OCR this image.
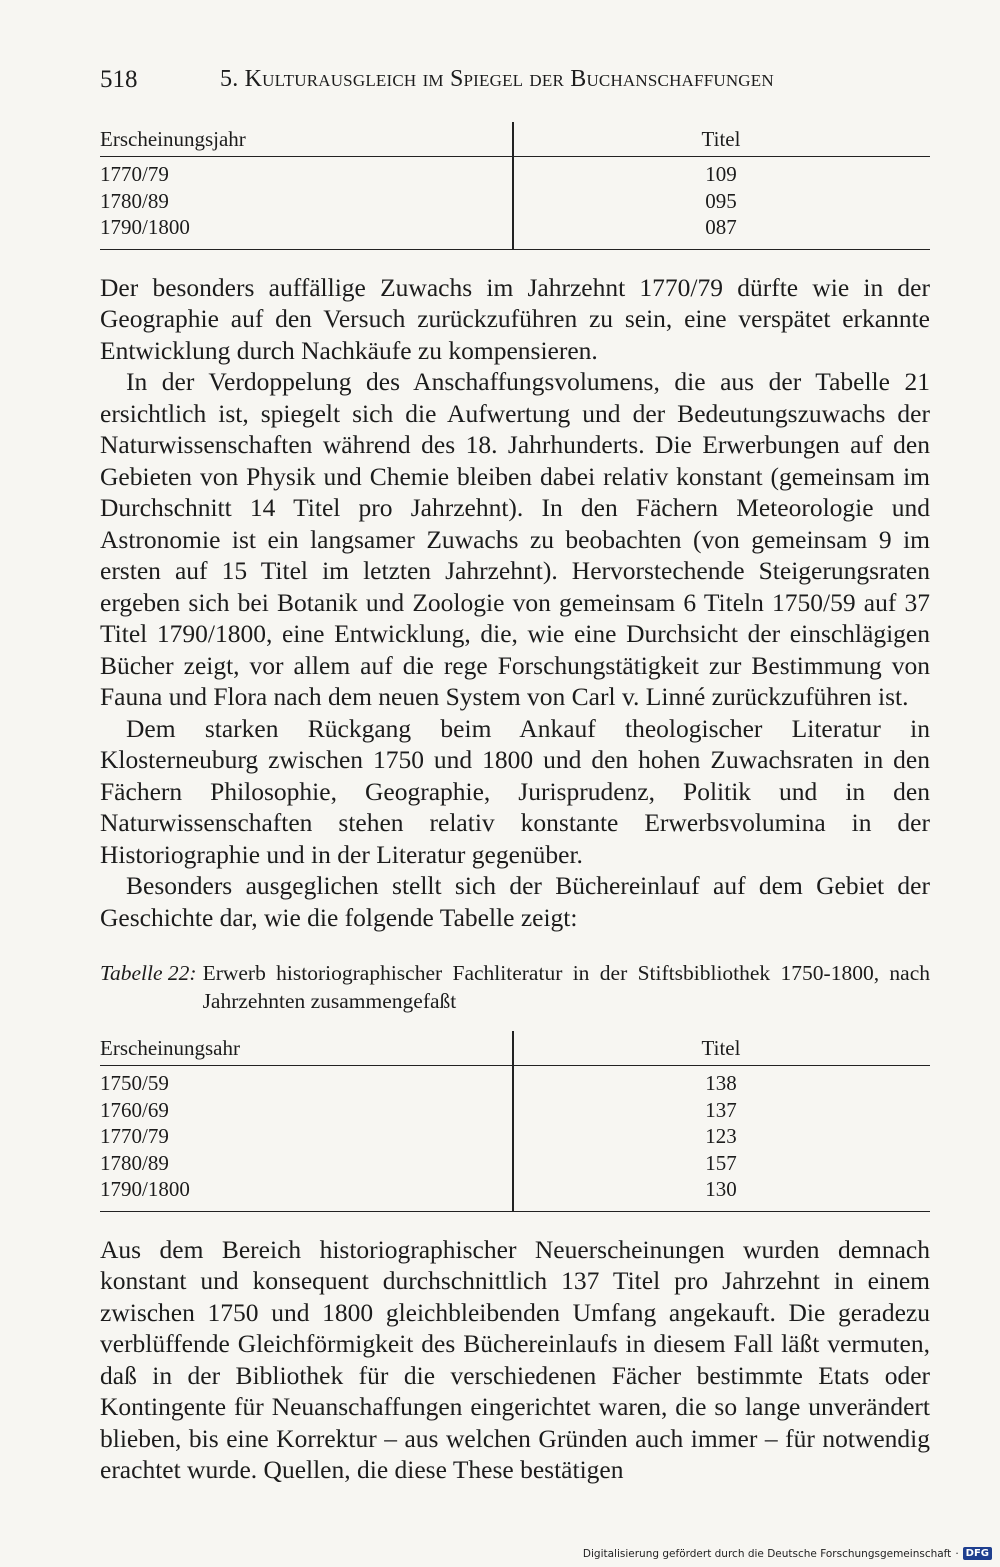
518	5. Kulturausgleich im Spiegel der Buchanschaffungen
Erscheinungsjahr	Titel
1770/79	109
1780/89	095
1790/1800	087

Der besonders auffällige Zuwachs im Jahrzehnt 1770/79 dürfte wie in der Geographie auf den Versuch zurückzuführen zu sein, eine verspätet erkannte Entwicklung durch Nachkäufe zu kompensieren.

In der Verdoppelung des Anschaffungsvolumens, die aus der Tabelle 21 ersichtlich ist, spiegelt sich die Aufwertung und der Bedeutungszuwachs der Naturwissenschaften während des 18. Jahrhunderts. Die Erwerbungen auf den Gebieten von Physik und Chemie bleiben dabei relativ konstant (gemeinsam im Durchschnitt 14 Titel pro Jahrzehnt). In den Fächern Meteorologie und Astronomie ist ein langsamer Zuwachs zu beobachten (von gemeinsam 9 im ersten auf 15 Titel im letzten Jahrzehnt). Hervorstechende Steigerungsraten ergeben sich bei Botanik und Zoologie von gemeinsam 6 Titeln 1750/59 auf 37 Titel 1790/1800, eine Entwicklung, die, wie eine Durchsicht der einschlägigen Bücher zeigt, vor allem auf die rege Forschungstätigkeit zur Bestimmung von Fauna und Flora nach dem neuen System von Carl v. Linné zurückzuführen ist.

Dem starken Rückgang beim Ankauf theologischer Literatur in Klosterneuburg zwischen 1750 und 1800 und den hohen Zuwachsraten in den Fächern Philosophie, Geographie, Jurisprudenz, Politik und in den Naturwissenschaften stehen relativ konstante Erwerbsvolumina in der Historiographie und in der Literatur gegenüber.

Besonders ausgeglichen stellt sich der Büchereinlauf auf dem Gebiet der Geschichte dar, wie die folgende Tabelle zeigt:

Tabelle 22: Erwerb historiographischer Fachliteratur in der Stiftsbibliothek 1750-1800, nach Jahrzehnten zusammengefaßt
Erscheinungsahr	Titel
1750/59	138
1760/69	137
1770/79	123
1780/89	157
1790/1800	130

Aus dem Bereich historiographischer Neuerscheinungen wurden demnach konstant und konsequent durchschnittlich 137 Titel pro Jahrzehnt in einem zwischen 1750 und 1800 gleichbleibenden Umfang angekauft. Die geradezu verblüffende Gleichförmigkeit des Büchereinlaufs in diesem Fall läßt vermuten, daß in der Bibliothek für die verschiedenen Fächer bestimmte Etats oder Kontingente für Neuanschaffungen eingerichtet waren, die so lange unverändert blieben, bis eine Korrektur – aus welchen Gründen auch immer – für notwendig erachtet wurde. Quellen, die diese These bestätigen

Digitalisierung gefördert durch die Deutsche Forschungsgemeinschaft · DFG
